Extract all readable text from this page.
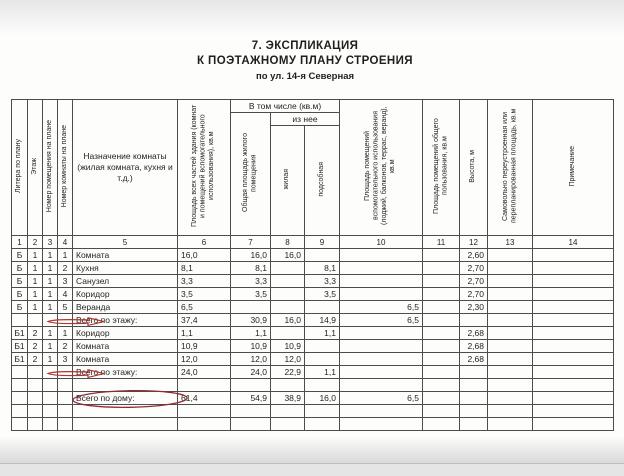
7. ЭКСПЛИКАЦИЯ
К ПОЭТАЖНОМУ ПЛАНУ СТРОЕНИЯ
по ул. 14-я Северная
Литера по плану	Этаж	Номер помещения на плане	Номер комнаты на плане	Назначение комнаты (жилая комната, кухня и т.д.)	Площадь всех частей здания (комнат и помещений вспомогательного использования), кв.м	В том числе (кв.м)			Площадь помещений вспомогательного использования (лоджий, балконов, террас, веранд), кв.м	Площадь помещений общего пользования, кв.м	Высота, м	Самовольно переустроенная или перепланированная площадь, кв.м	Примечание
						Общая площадь жилого помещения	из нее						
							жилая	подсобная					
1	2	3	4	5	6	7	8	9	10	11	12	13	14
Б	1	1	1	Комната	16,0	16,0	16,0				2,60		
Б	1	1	2	Кухня	8,1	8,1		8,1			2,70		
Б	1	1	3	Санузел	3,3	3,3		3,3			2,70		
Б	1	1	4	Коридор	3,5	3,5		3,5			2,70		
Б	1	1	5	Веранда	6,5				6,5		2,30		
				Всего по этажу:	37,4	30,9	16,0	14,9	6,5				
Б1	2	1	1	Коридор	1,1	1,1		1,1			2,68		
Б1	2	1	2	Комната	10,9	10,9	10,9				2,68		
Б1	2	1	3	Комната	12,0	12,0	12,0				2,68		
				Всего по этажу:	24,0	24,0	22,9	1,1					

				Всего по дому:	61,4	54,9	38,9	16,0	6,5				
